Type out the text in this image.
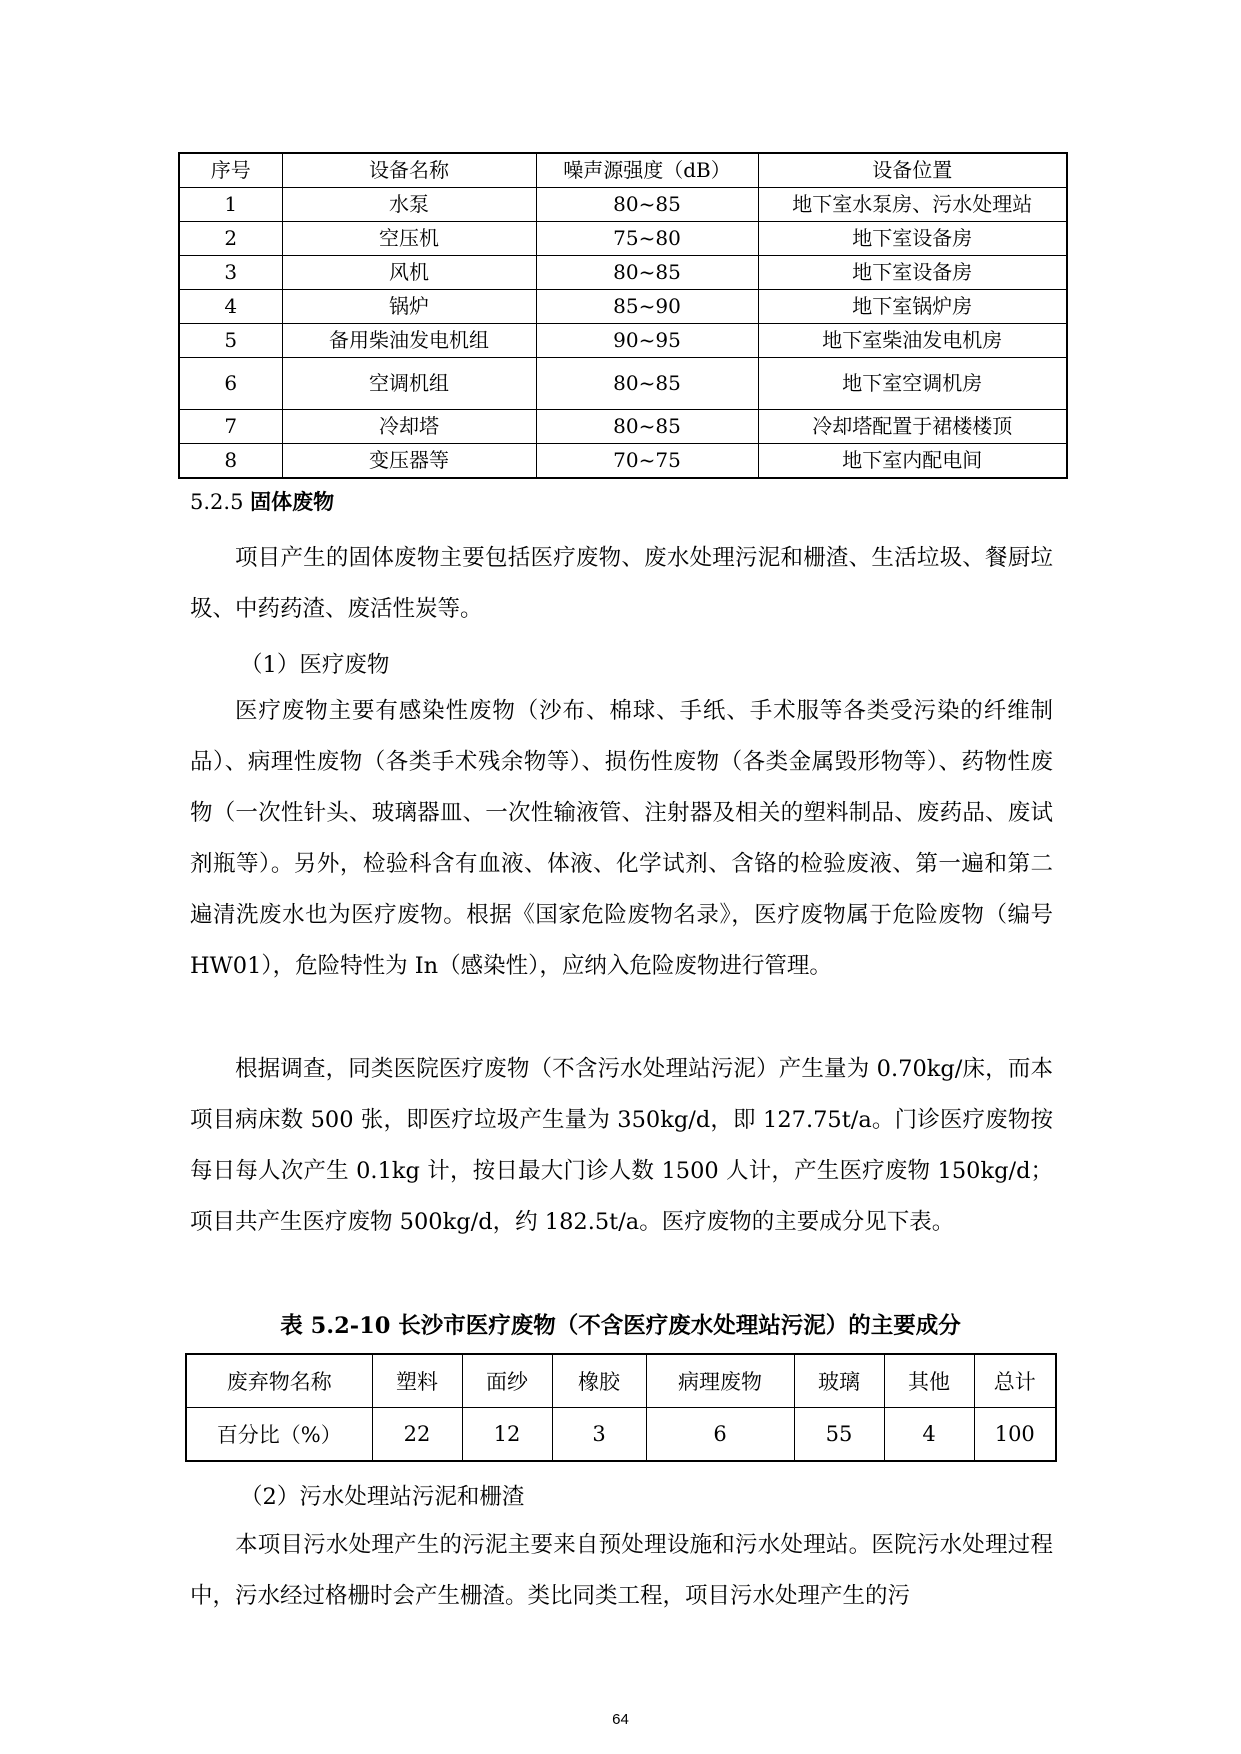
序号	设备名称	噪声源强度（dB）	设备位置
1	水泵	80~85	地下室水泵房、污水处理站
2	空压机	75~80	地下室设备房
3	风机	80~85	地下室设备房
4	锅炉	85~90	地下室锅炉房
5	备用柴油发电机组	90~95	地下室柴油发电机房
6	空调机组	80~85	地下室空调机房
7	冷却塔	80~85	冷却塔配置于裙楼楼顶
8	变压器等	70~75	地下室内配电间
5.2.5 固体废物

项目产生的固体废物主要包括医疗废物、废水处理污泥和栅渣、生活垃圾、餐厨垃圾、中药药渣、废活性炭等。

（1）医疗废物

医疗废物主要有感染性废物（沙布、棉球、手纸、手术服等各类受污染的纤维制品）、病理性废物（各类手术残余物等）、损伤性废物（各类金属毁形物等）、药物性废物（一次性针头、玻璃器皿、一次性输液管、注射器及相关的塑料制品、废药品、废试剂瓶等）。另外，检验科含有血液、体液、化学试剂、含铬的检验废液、第一遍和第二遍清洗废水也为医疗废物。根据《国家危险废物名录》，医疗废物属于危险废物（编号 HW01），危险特性为 In（感染性），应纳入危险废物进行管理。

根据调查，同类医院医疗废物（不含污水处理站污泥）产生量为 0.70kg/床，而本项目病床数 500 张，即医疗垃圾产生量为 350kg/d，即 127.75t/a。门诊医疗废物按每日每人次产生 0.1kg 计，按日最大门诊人数 1500 人计，产生医疗废物 150kg/d；项目共产生医疗废物 500kg/d，约 182.5t/a。医疗废物的主要成分见下表。

表 5.2-10 长沙市医疗废物（不含医疗废水处理站污泥）的主要成分
废弃物名称	塑料	面纱	橡胶	病理废物	玻璃	其他	总计
百分比（%）	22	12	3	6	55	4	100
（2）污水处理站污泥和栅渣

本项目污水处理产生的污泥主要来自预处理设施和污水处理站。医院污水处理过程中，污水经过格栅时会产生栅渣。类比同类工程，项目污水处理产生的污

64
